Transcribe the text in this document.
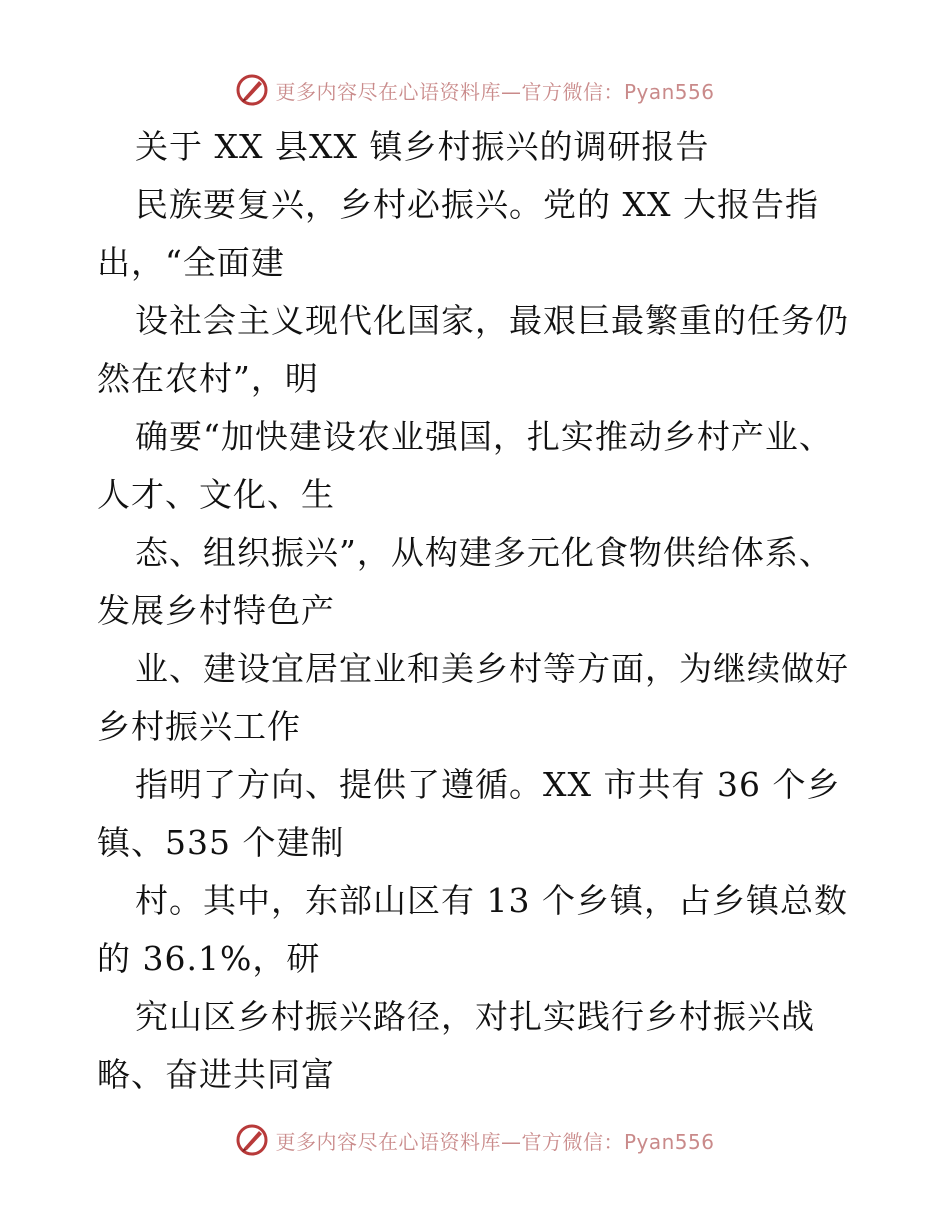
更多内容尽在心语资料库—官方微信：Pyan556
关于 XX 县XX 镇乡村振兴的调研报告
民族要复兴，乡村必振兴。党的 XX 大报告指
出，“全面建
设社会主义现代化国家，最艰巨最繁重的任务仍
然在农村”，明
确要“加快建设农业强国，扎实推动乡村产业、
人才、文化、生
态、组织振兴”，从构建多元化食物供给体系、
发展乡村特色产
业、建设宜居宜业和美乡村等方面，为继续做好
乡村振兴工作
指明了方向、提供了遵循。XX 市共有 36 个乡
镇、535 个建制
村。其中，东部山区有 13 个乡镇，占乡镇总数
的 36.1%，研
究山区乡村振兴路径，对扎实践行乡村振兴战
略、奋进共同富
更多内容尽在心语资料库—官方微信：Pyan556
